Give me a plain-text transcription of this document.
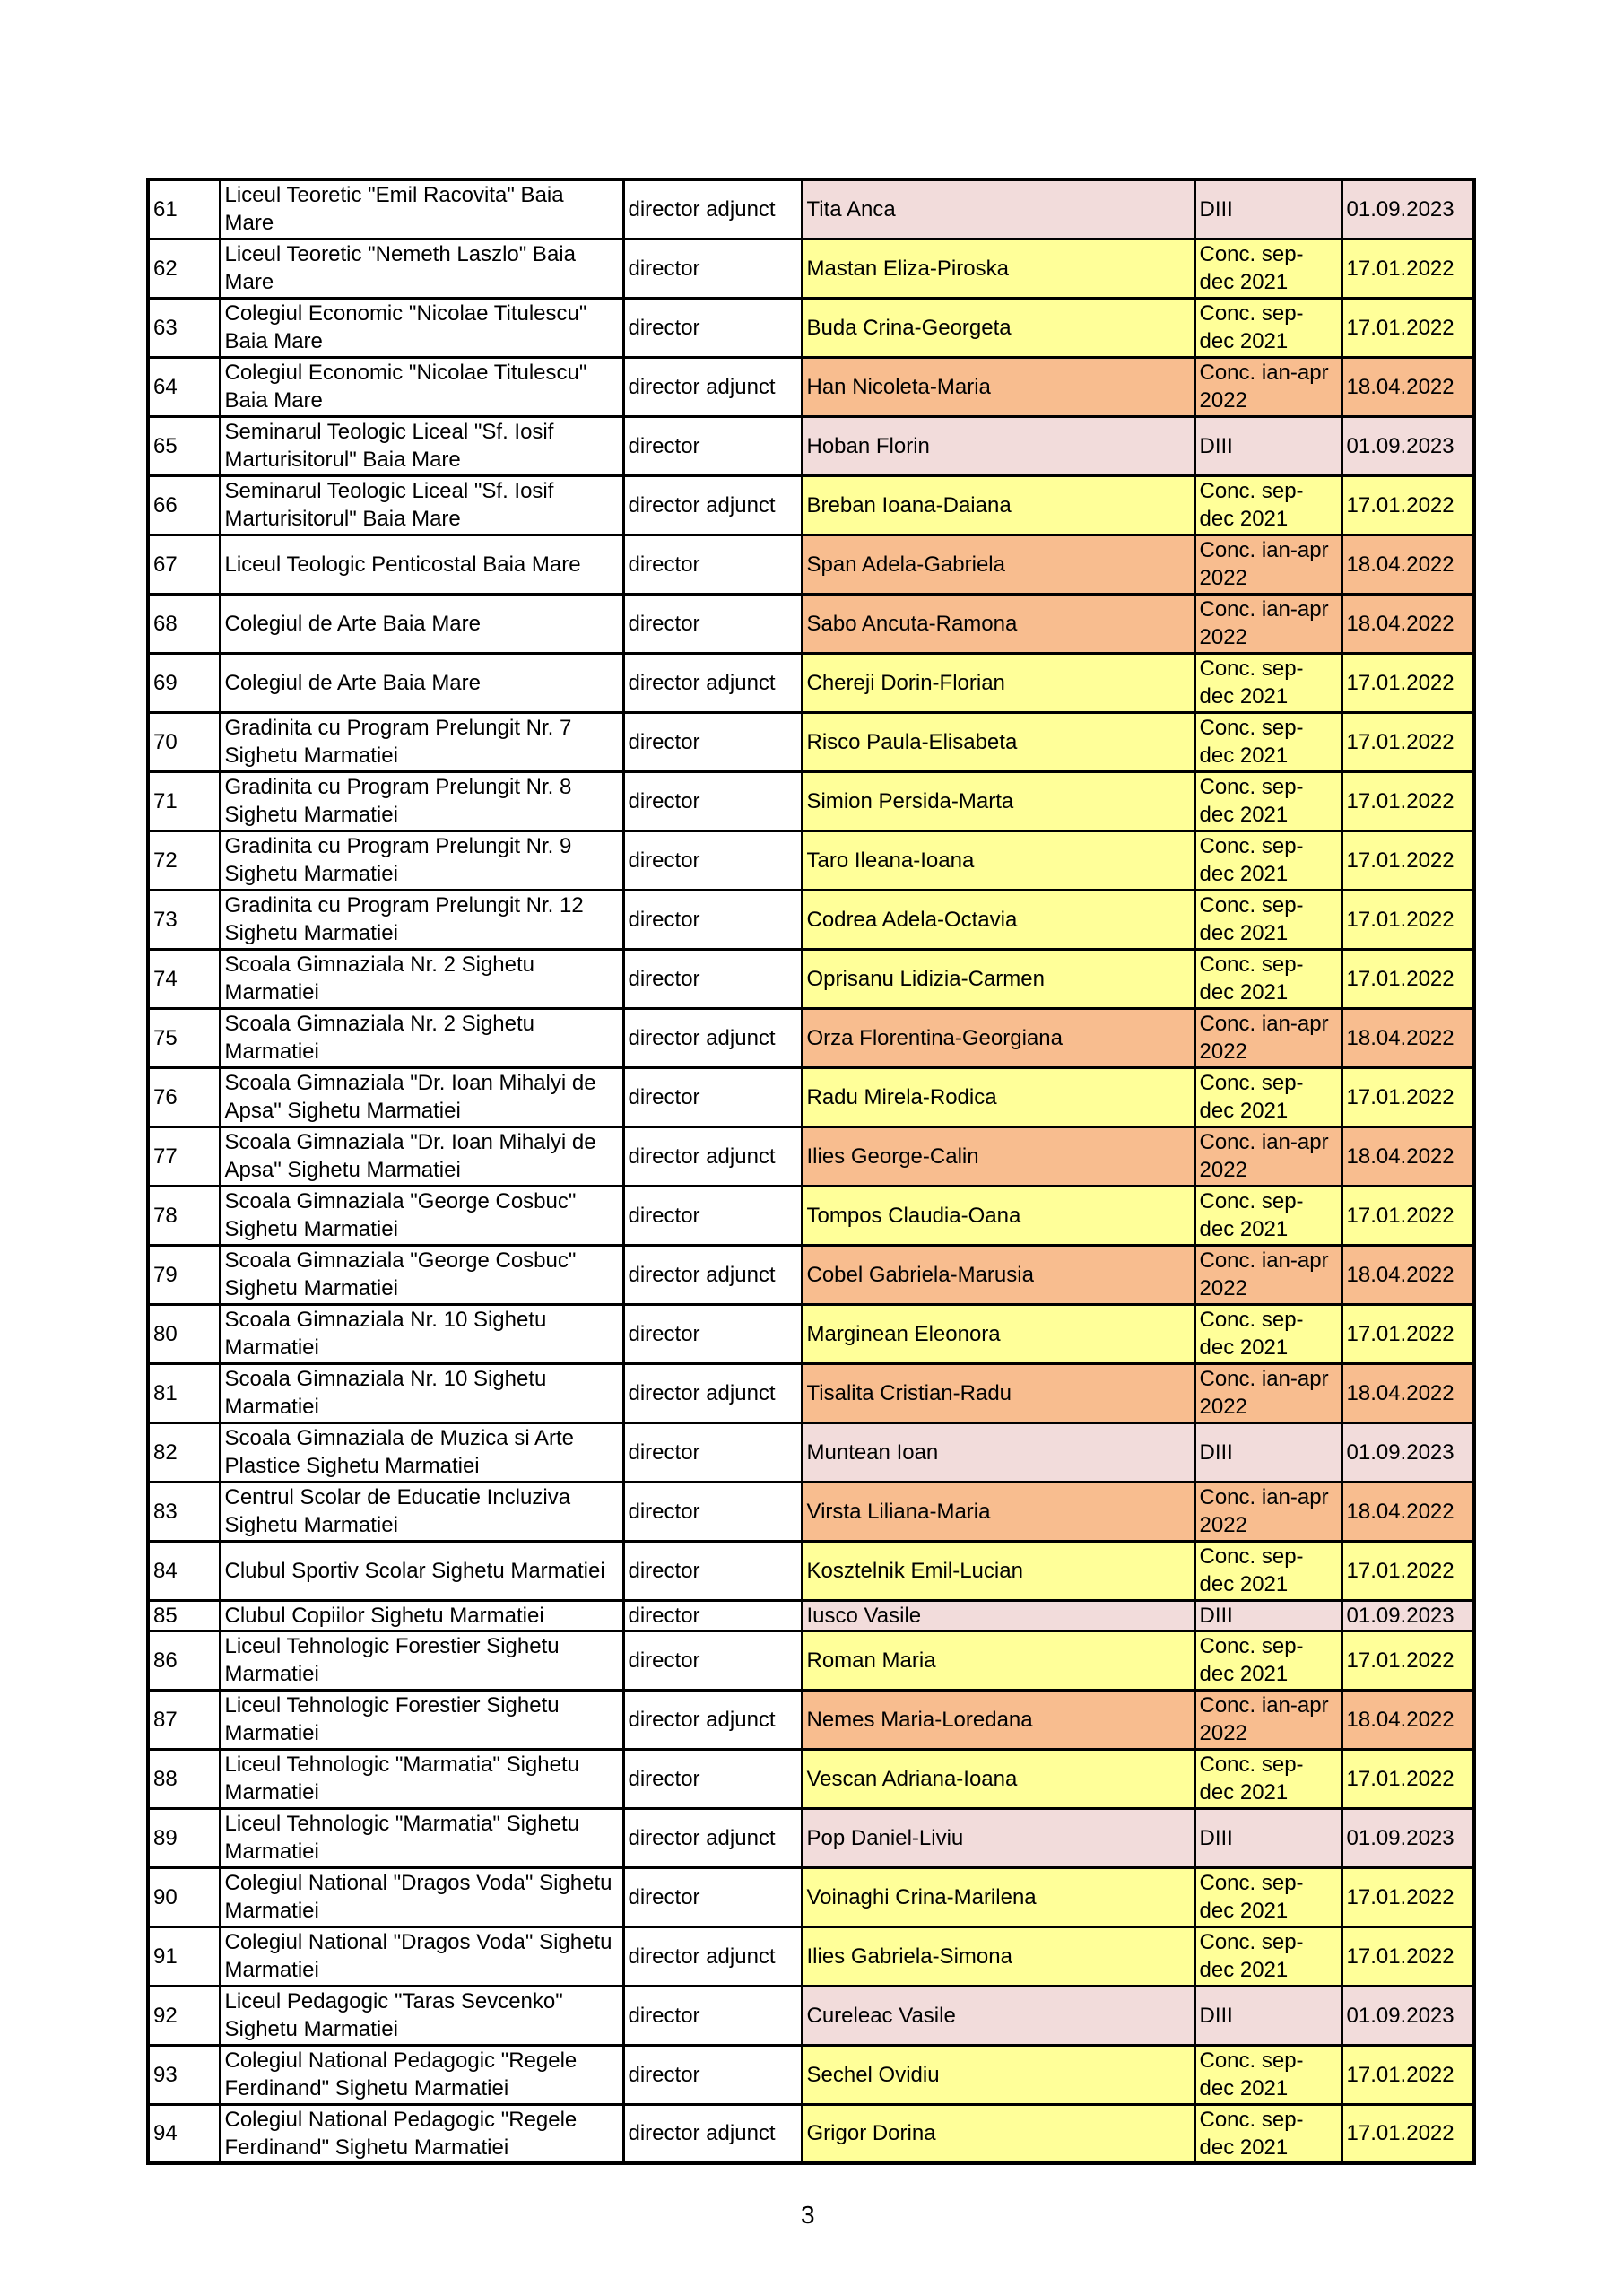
61	Liceul Teoretic "Emil Racovita" Baia Mare	director adjunct	Tita Anca	DIII	01.09.2023
62	Liceul Teoretic "Nemeth Laszlo" Baia Mare	director	Mastan Eliza-Piroska	Conc. sep-dec 2021	17.01.2022
63	Colegiul Economic "Nicolae Titulescu" Baia Mare	director	Buda Crina-Georgeta	Conc. sep-dec 2021	17.01.2022
64	Colegiul Economic "Nicolae Titulescu" Baia Mare	director adjunct	Han Nicoleta-Maria	Conc. ian-apr 2022	18.04.2022
65	Seminarul Teologic Liceal "Sf. Iosif Marturisitorul" Baia Mare	director	Hoban Florin	DIII	01.09.2023
66	Seminarul Teologic Liceal "Sf. Iosif Marturisitorul" Baia Mare	director adjunct	Breban Ioana-Daiana	Conc. sep-dec 2021	17.01.2022
67	Liceul Teologic Penticostal Baia Mare	director	Span Adela-Gabriela	Conc. ian-apr 2022	18.04.2022
68	Colegiul de Arte Baia Mare	director	Sabo Ancuta-Ramona	Conc. ian-apr 2022	18.04.2022
69	Colegiul de Arte Baia Mare	director adjunct	Chereji Dorin-Florian	Conc. sep-dec 2021	17.01.2022
70	Gradinita cu Program Prelungit Nr. 7 Sighetu Marmatiei	director	Risco Paula-Elisabeta	Conc. sep-dec 2021	17.01.2022
71	Gradinita cu Program Prelungit Nr. 8 Sighetu Marmatiei	director	Simion Persida-Marta	Conc. sep-dec 2021	17.01.2022
72	Gradinita cu Program Prelungit Nr. 9 Sighetu Marmatiei	director	Taro Ileana-Ioana	Conc. sep-dec 2021	17.01.2022
73	Gradinita cu Program Prelungit Nr. 12 Sighetu Marmatiei	director	Codrea Adela-Octavia	Conc. sep-dec 2021	17.01.2022
74	Scoala Gimnaziala Nr. 2 Sighetu Marmatiei	director	Oprisanu Lidizia-Carmen	Conc. sep-dec 2021	17.01.2022
75	Scoala Gimnaziala Nr. 2 Sighetu Marmatiei	director adjunct	Orza Florentina-Georgiana	Conc. ian-apr 2022	18.04.2022
76	Scoala Gimnaziala "Dr. Ioan Mihalyi de Apsa" Sighetu Marmatiei	director	Radu Mirela-Rodica	Conc. sep-dec 2021	17.01.2022
77	Scoala Gimnaziala "Dr. Ioan Mihalyi de Apsa" Sighetu Marmatiei	director adjunct	Ilies George-Calin	Conc. ian-apr 2022	18.04.2022
78	Scoala Gimnaziala "George Cosbuc" Sighetu Marmatiei	director	Tompos Claudia-Oana	Conc. sep-dec 2021	17.01.2022
79	Scoala Gimnaziala "George Cosbuc" Sighetu Marmatiei	director adjunct	Cobel Gabriela-Marusia	Conc. ian-apr 2022	18.04.2022
80	Scoala Gimnaziala Nr. 10 Sighetu Marmatiei	director	Marginean Eleonora	Conc. sep-dec 2021	17.01.2022
81	Scoala Gimnaziala Nr. 10 Sighetu Marmatiei	director adjunct	Tisalita Cristian-Radu	Conc. ian-apr 2022	18.04.2022
82	Scoala Gimnaziala de Muzica si Arte Plastice Sighetu Marmatiei	director	Muntean Ioan	DIII	01.09.2023
83	Centrul Scolar de Educatie Incluziva Sighetu Marmatiei	director	Virsta Liliana-Maria	Conc. ian-apr 2022	18.04.2022
84	Clubul Sportiv Scolar Sighetu Marmatiei	director	Kosztelnik Emil-Lucian	Conc. sep-dec 2021	17.01.2022
85	Clubul Copiilor Sighetu Marmatiei	director	Iusco Vasile	DIII	01.09.2023
86	Liceul Tehnologic Forestier Sighetu Marmatiei	director	Roman Maria	Conc. sep-dec 2021	17.01.2022
87	Liceul Tehnologic Forestier Sighetu Marmatiei	director adjunct	Nemes Maria-Loredana	Conc. ian-apr 2022	18.04.2022
88	Liceul Tehnologic "Marmatia" Sighetu Marmatiei	director	Vescan Adriana-Ioana	Conc. sep-dec 2021	17.01.2022
89	Liceul Tehnologic "Marmatia" Sighetu Marmatiei	director adjunct	Pop Daniel-Liviu	DIII	01.09.2023
90	Colegiul National "Dragos Voda" Sighetu Marmatiei	director	Voinaghi Crina-Marilena	Conc. sep-dec 2021	17.01.2022
91	Colegiul National "Dragos Voda" Sighetu Marmatiei	director adjunct	Ilies Gabriela-Simona	Conc. sep-dec 2021	17.01.2022
92	Liceul Pedagogic "Taras Sevcenko" Sighetu Marmatiei	director	Cureleac Vasile	DIII	01.09.2023
93	Colegiul National Pedagogic "Regele Ferdinand" Sighetu Marmatiei	director	Sechel Ovidiu	Conc. sep-dec 2021	17.01.2022
94	Colegiul National Pedagogic "Regele Ferdinand" Sighetu Marmatiei	director adjunct	Grigor Dorina	Conc. sep-dec 2021	17.01.2022
3
